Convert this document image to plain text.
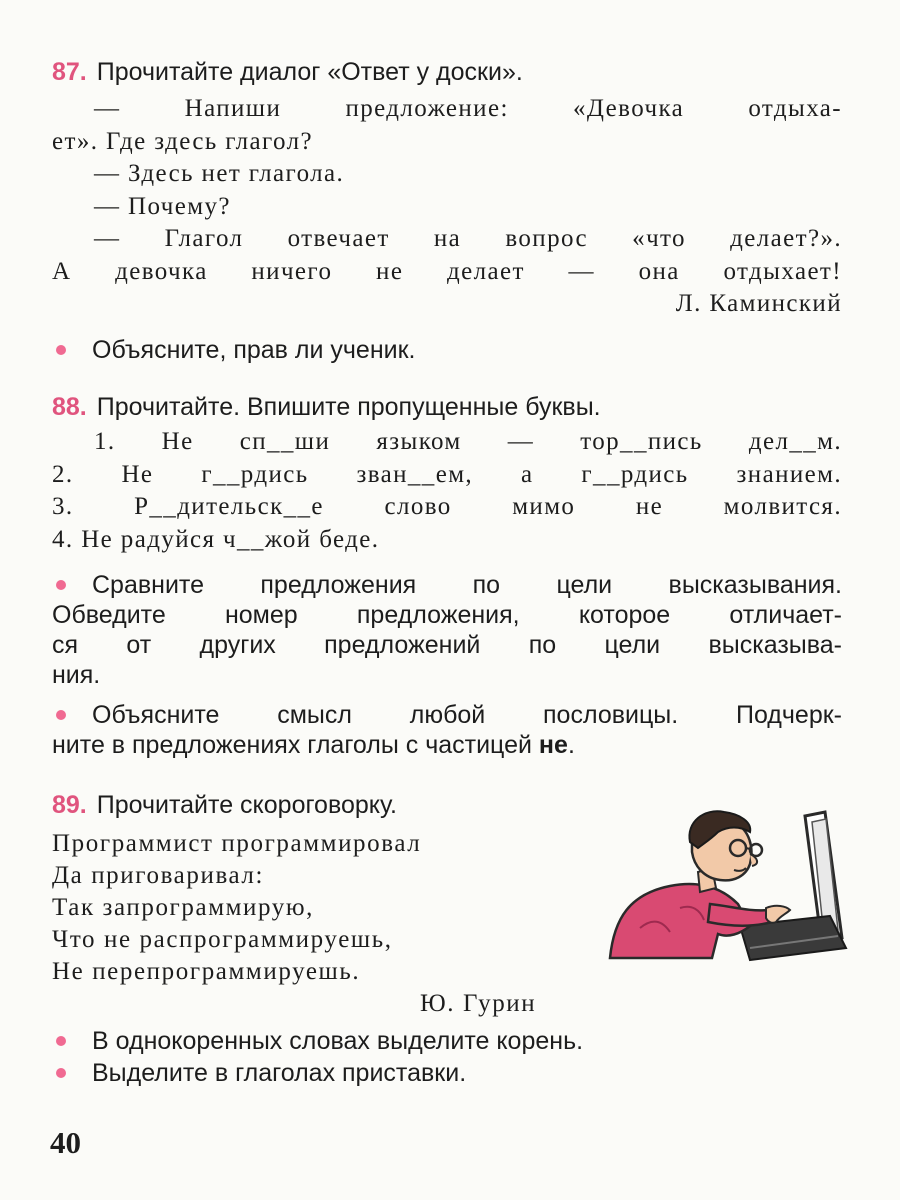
87. Прочитайте диалог «Ответ у доски».
— Напиши предложение: «Девочка отдыха-
ет». Где здесь глагол?
— Здесь нет глагола.
— Почему?
— Глагол отвечает на вопрос «что делает?».
А девочка ничего не делает — она отдыхает!
Л. Каминский
Объясните, прав ли ученик.
88. Прочитайте. Впишите пропущенные буквы.
1. Не сп__ши языком — тор__пись дел__м.
2. Не г__рдись зван__ем, а г__рдись знанием.
3. Р__дительск__е слово мимо не молвится.
4. Не радуйся ч__жой беде.
Сравните предложения по цели высказывания.
Обведите номер предложения, которое отличает-
ся от других предложений по цели высказыва-
ния.
Объясните смысл любой пословицы. Подчерк-
ните в предложениях глаголы с частицей не.
89. Прочитайте скороговорку.
Программист программировал
Да приговаривал:
Так запрограммирую,
Что не распрограммируешь,
Не перепрограммируешь.
Ю. Гурин
В однокоренных словах выделите корень.
Выделите в глаголах приставки.
40
